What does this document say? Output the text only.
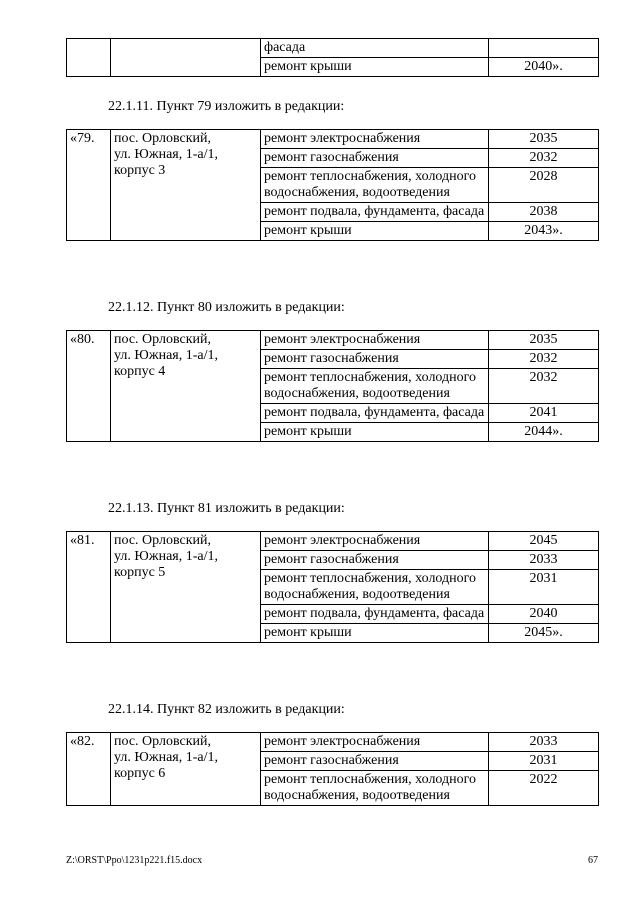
		фасада	
		ремонт крыши	2040».
22.1.11. Пункт 79 изложить в редакции:
«79.	пос. Орловский,
ул. Южная, 1-а/1,
корпус 3	ремонт электроснабжения	2035
		ремонт газоснабжения	2032
		ремонт теплоснабжения, холодного водоснабжения, водоотведения	2028
		ремонт подвала, фундамента, фасада	2038
		ремонт крыши	2043».
22.1.12. Пункт 80 изложить в редакции:
«80.	пос. Орловский,
ул. Южная, 1-а/1,
корпус 4	ремонт электроснабжения	2035
		ремонт газоснабжения	2032
		ремонт теплоснабжения, холодного водоснабжения, водоотведения	2032
		ремонт подвала, фундамента, фасада	2041
		ремонт крыши	2044».
22.1.13. Пункт 81 изложить в редакции:
«81.	пос. Орловский,
ул. Южная, 1-а/1,
корпус 5	ремонт электроснабжения	2045
		ремонт газоснабжения	2033
		ремонт теплоснабжения, холодного водоснабжения, водоотведения	2031
		ремонт подвала, фундамента, фасада	2040
		ремонт крыши	2045».
22.1.14. Пункт 82 изложить в редакции:
«82.	пос. Орловский,
ул. Южная, 1-а/1,
корпус 6	ремонт электроснабжения	2033
		ремонт газоснабжения	2031
		ремонт теплоснабжения, холодного водоснабжения, водоотведения	2022
Z:\ORST\Ppo\1231p221.f15.docx	67
